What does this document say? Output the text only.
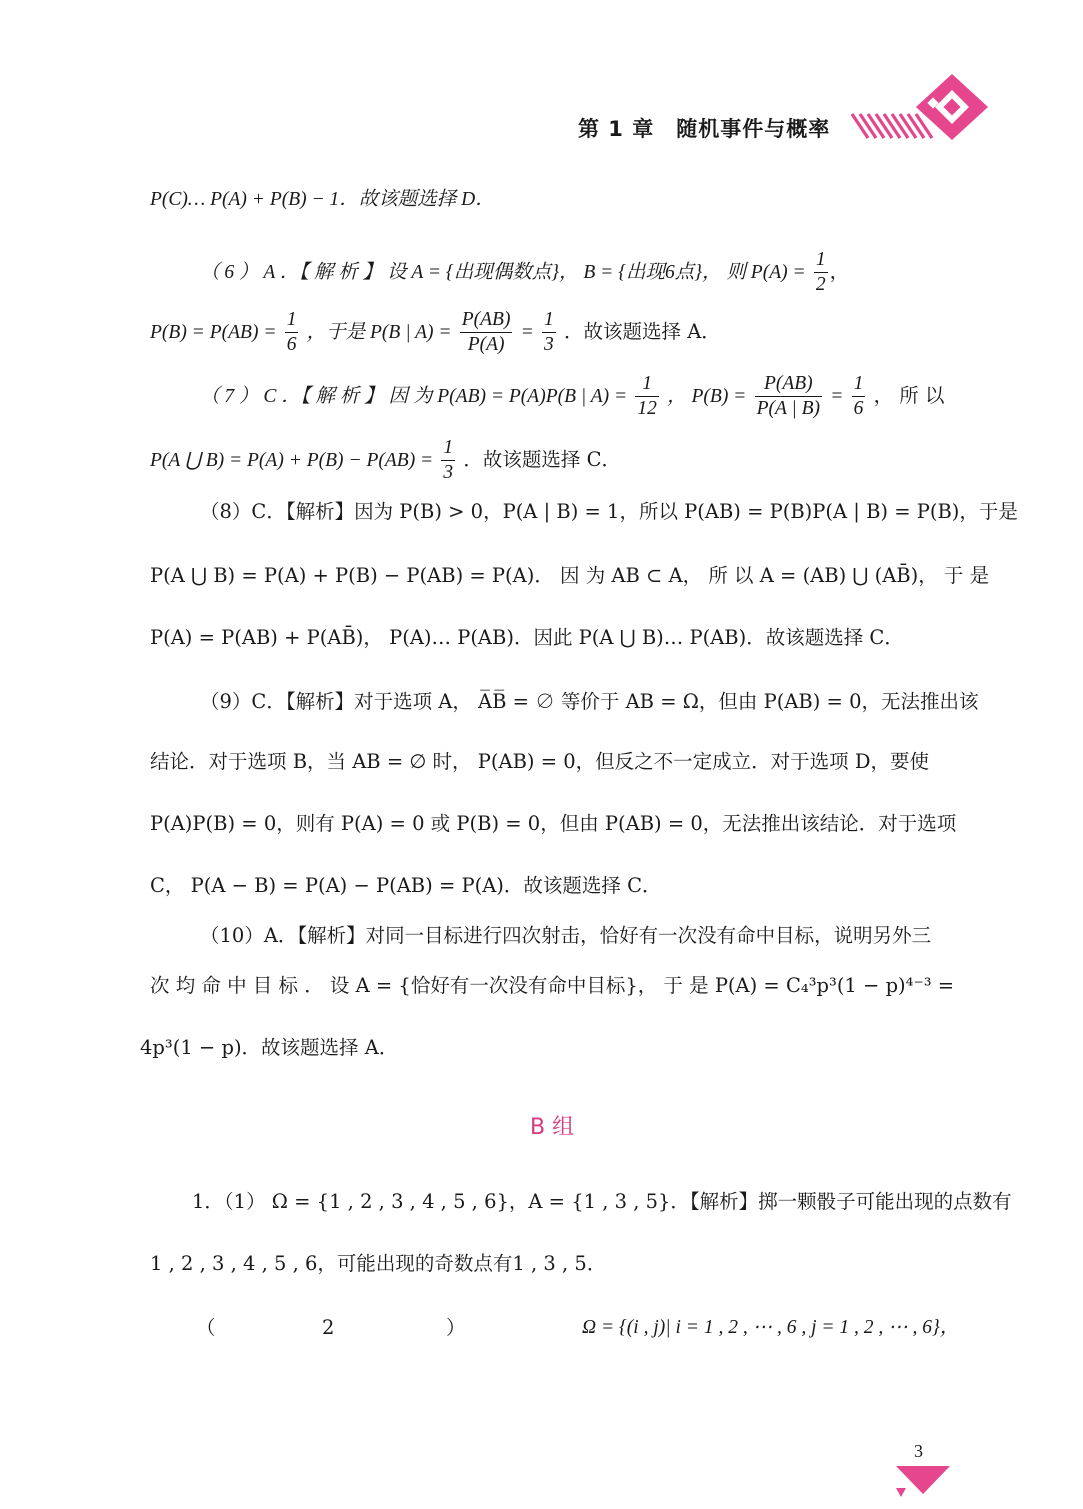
第 1 章　随机事件与概率
P(C)… P(A) + P(B) − 1．故该题选择 D．
（ 6 ） A ．【 解 析 】 设 A = {出现偶数点}， B = {出现6点}， 则 $P(A) = \frac{1}{2}$ ，
$P(B) = P(AB) = \frac{1}{6}$ ，于是 P(B | $A) = \frac{P(AB)}{P(A)} = \frac{1}{3}$ ．故该题选择 A．
（ 7 ） C ．【 解 析 】 因 为 P(AB) = P(A)P(B | $A) = \frac{1}{12}$ ， $P(B) = \frac{P(AB)}{P(A | B)} = \frac{1}{6}$ ， 所 以
P(A ⋃ $B) = P(A) + P(B) - P(AB) = \frac{1}{3}$ ．故该题选择 C．
（8）C．【解析】因为 P(B) > 0，P(A | B) = 1，所以 P(AB) = P(B)P(A | B) = P(B)，于是
P(A ⋃ B) = P(A) + P(B) − P(AB) = P(A)． 因 为 AB ⊂ A， 所 以 A = (AB) ⋃ (AB̄)， 于 是
P(A) = P(AB) + P(AB̄)， P(A)… P(AB)．因此 P(A ⋃ B)… P(AB)．故该题选择 C．
（9）C．【解析】对于选项 A， A̅B̅ = ∅ 等价于 AB = Ω，但由 P(AB) = 0，无法推出该
结论．对于选项 B，当 AB = ∅ 时， P(AB) = 0，但反之不一定成立．对于选项 D，要使
P(A)P(B) = 0，则有 P(A) = 0 或 P(B) = 0，但由 P(AB) = 0，无法推出该结论．对于选项
C， P(A − B) = P(A) − P(AB) = P(A)．故该题选择 C．
（10）A．【解析】对同一目标进行四次射击，恰好有一次没有命中目标，说明另外三
次 均 命 中 目 标 ． 设 A = {恰好有一次没有命中目标}， 于 是 P(A) = C₄³p³(1 − p)⁴⁻³ =
4p³(1 − p)．故该题选择 A．
B 组
1．（1） Ω = {1 , 2 , 3 , 4 , 5 , 6}，A = {1 , 3 , 5}．【解析】掷一颗骰子可能出现的点数有
1 , 2 , 3 , 4 , 5 , 6，可能出现的奇数点有1 , 3 , 5．
（	2	）	Ω = {(i , j)| i = 1 , 2 , ⋯ , 6 , j = 1 , 2 , ⋯ , 6}，
3
